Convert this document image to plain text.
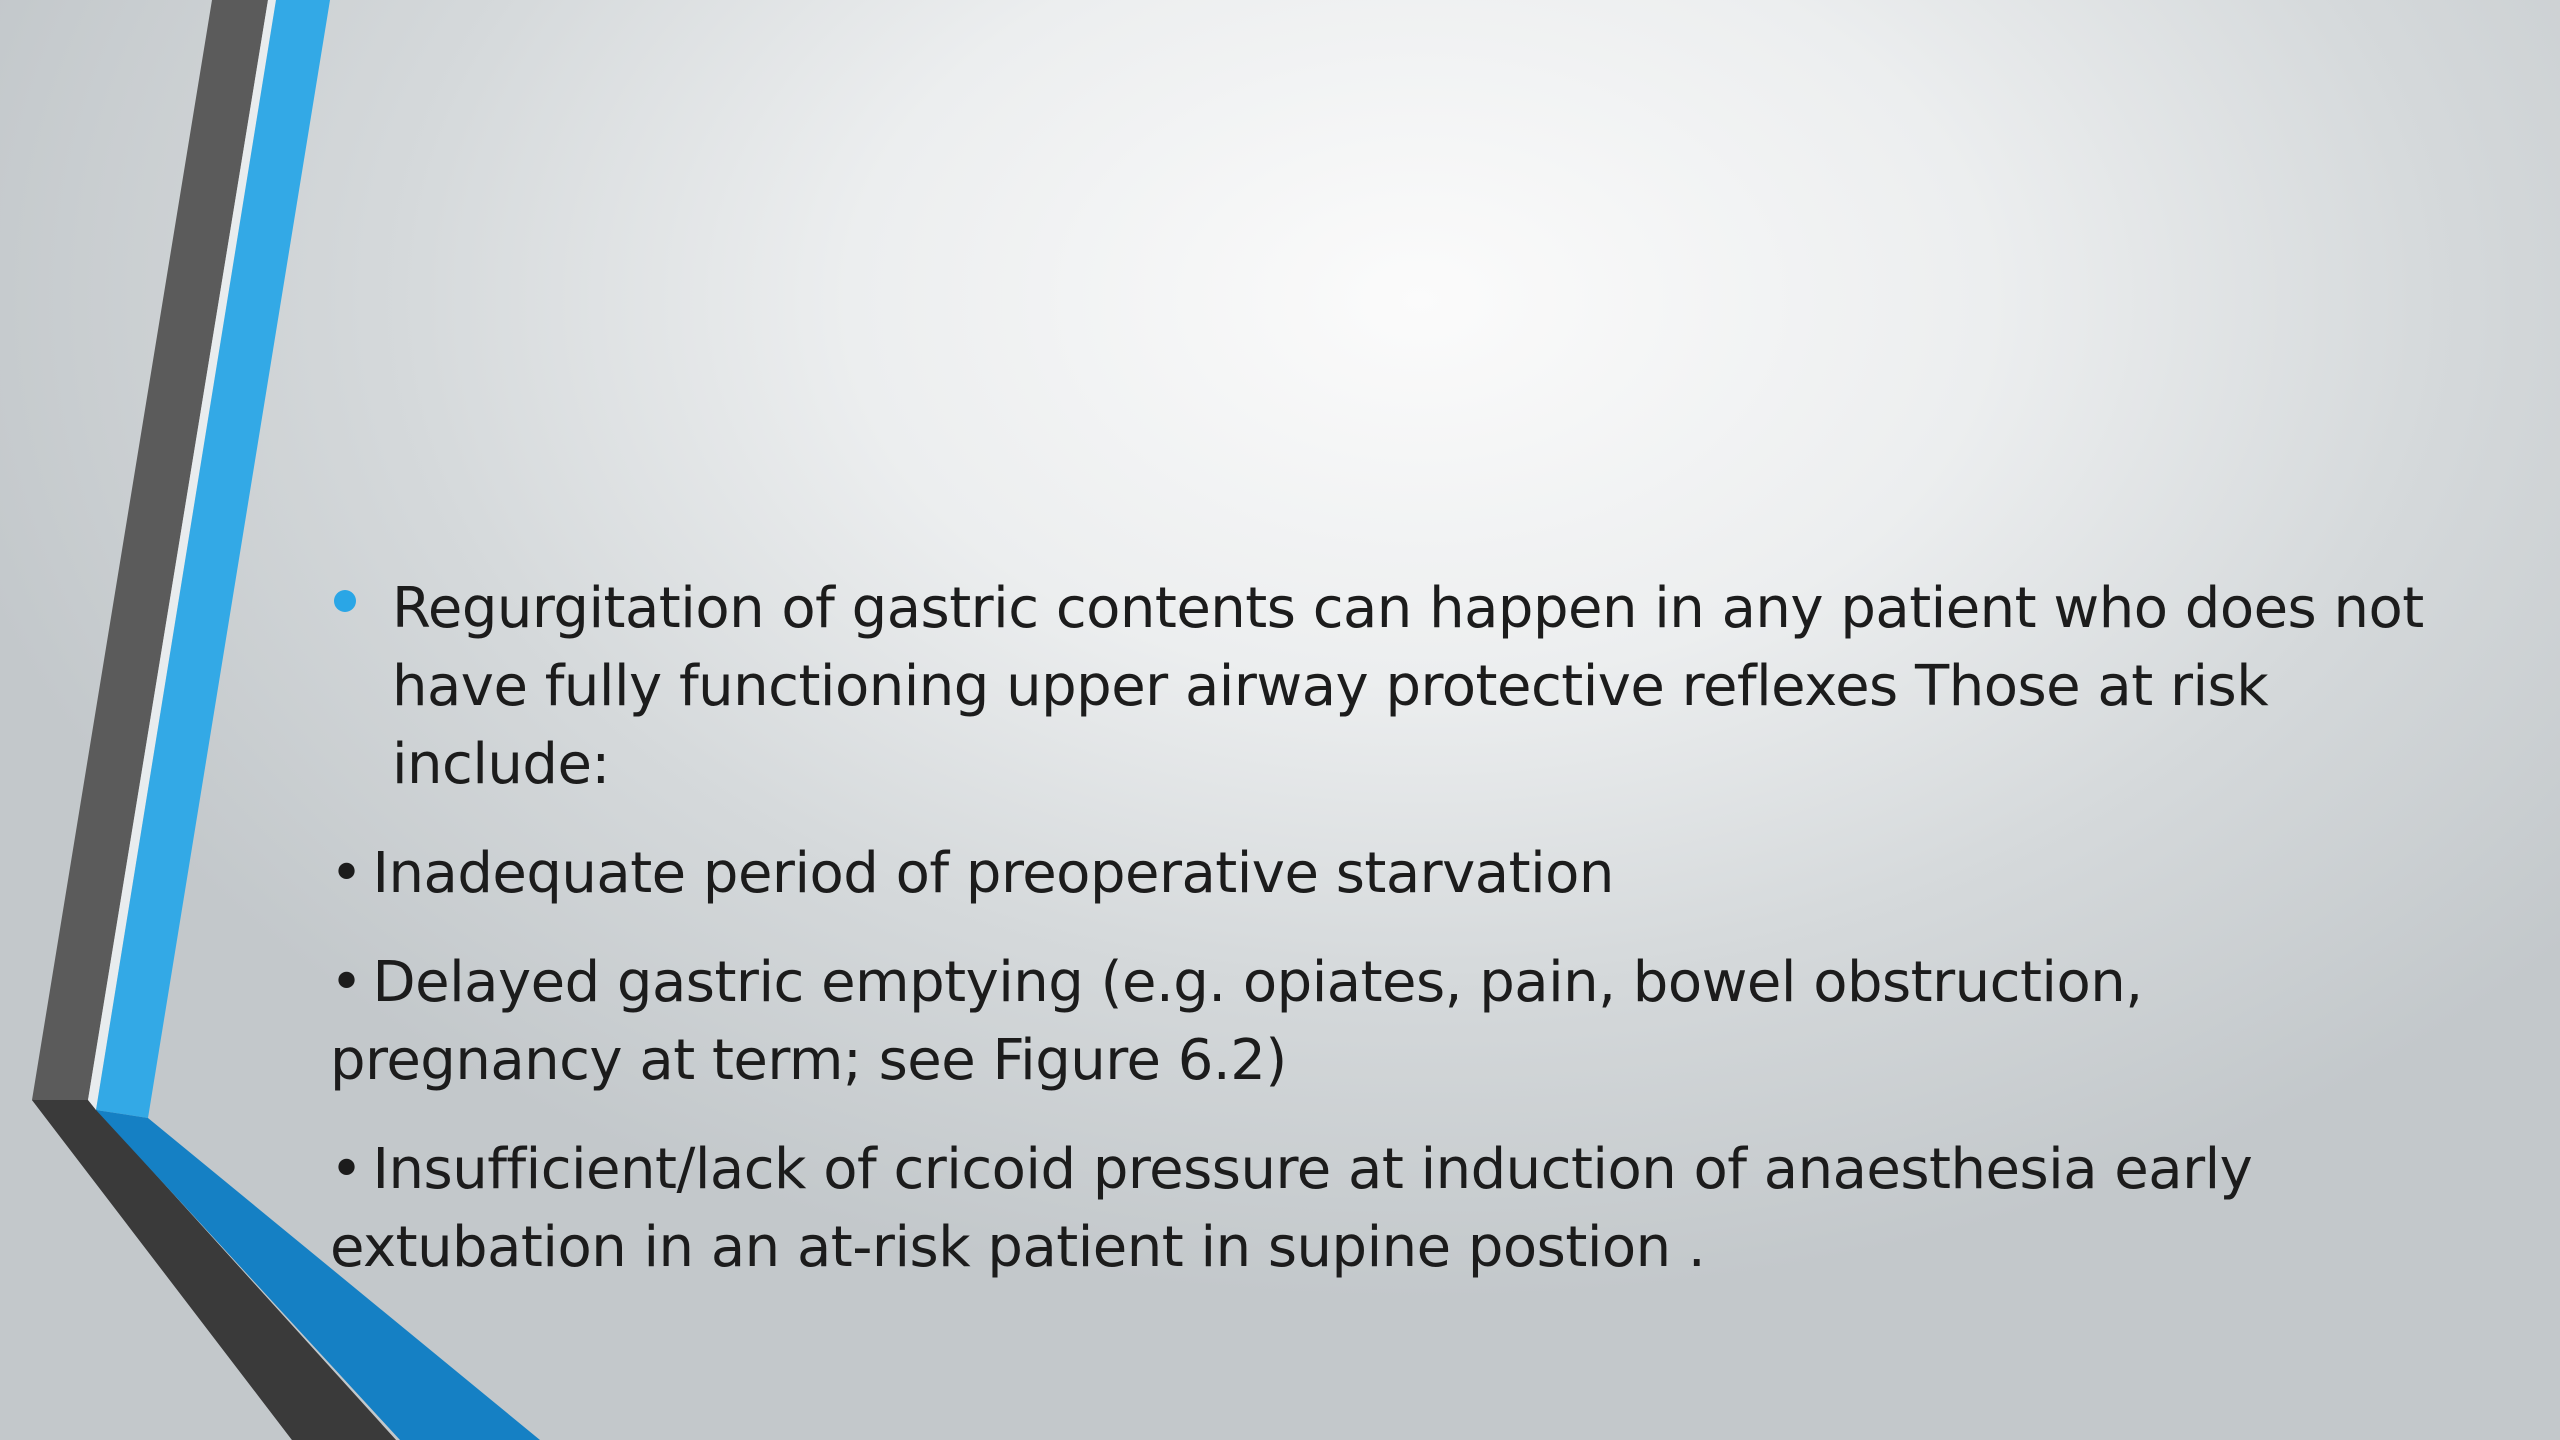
Regurgitation of gastric contents can happen in any patient who does not have fully functioning upper airway protective reflexes Those at risk include:
• Inadequate period of preoperative starvation
• Delayed gastric emptying (e.g. opiates, pain, bowel obstruction, pregnancy at term; see Figure 6.2)
• Insufficient/lack of cricoid pressure at induction of anaesthesia early extubation in an at-risk patient in supine postion .
